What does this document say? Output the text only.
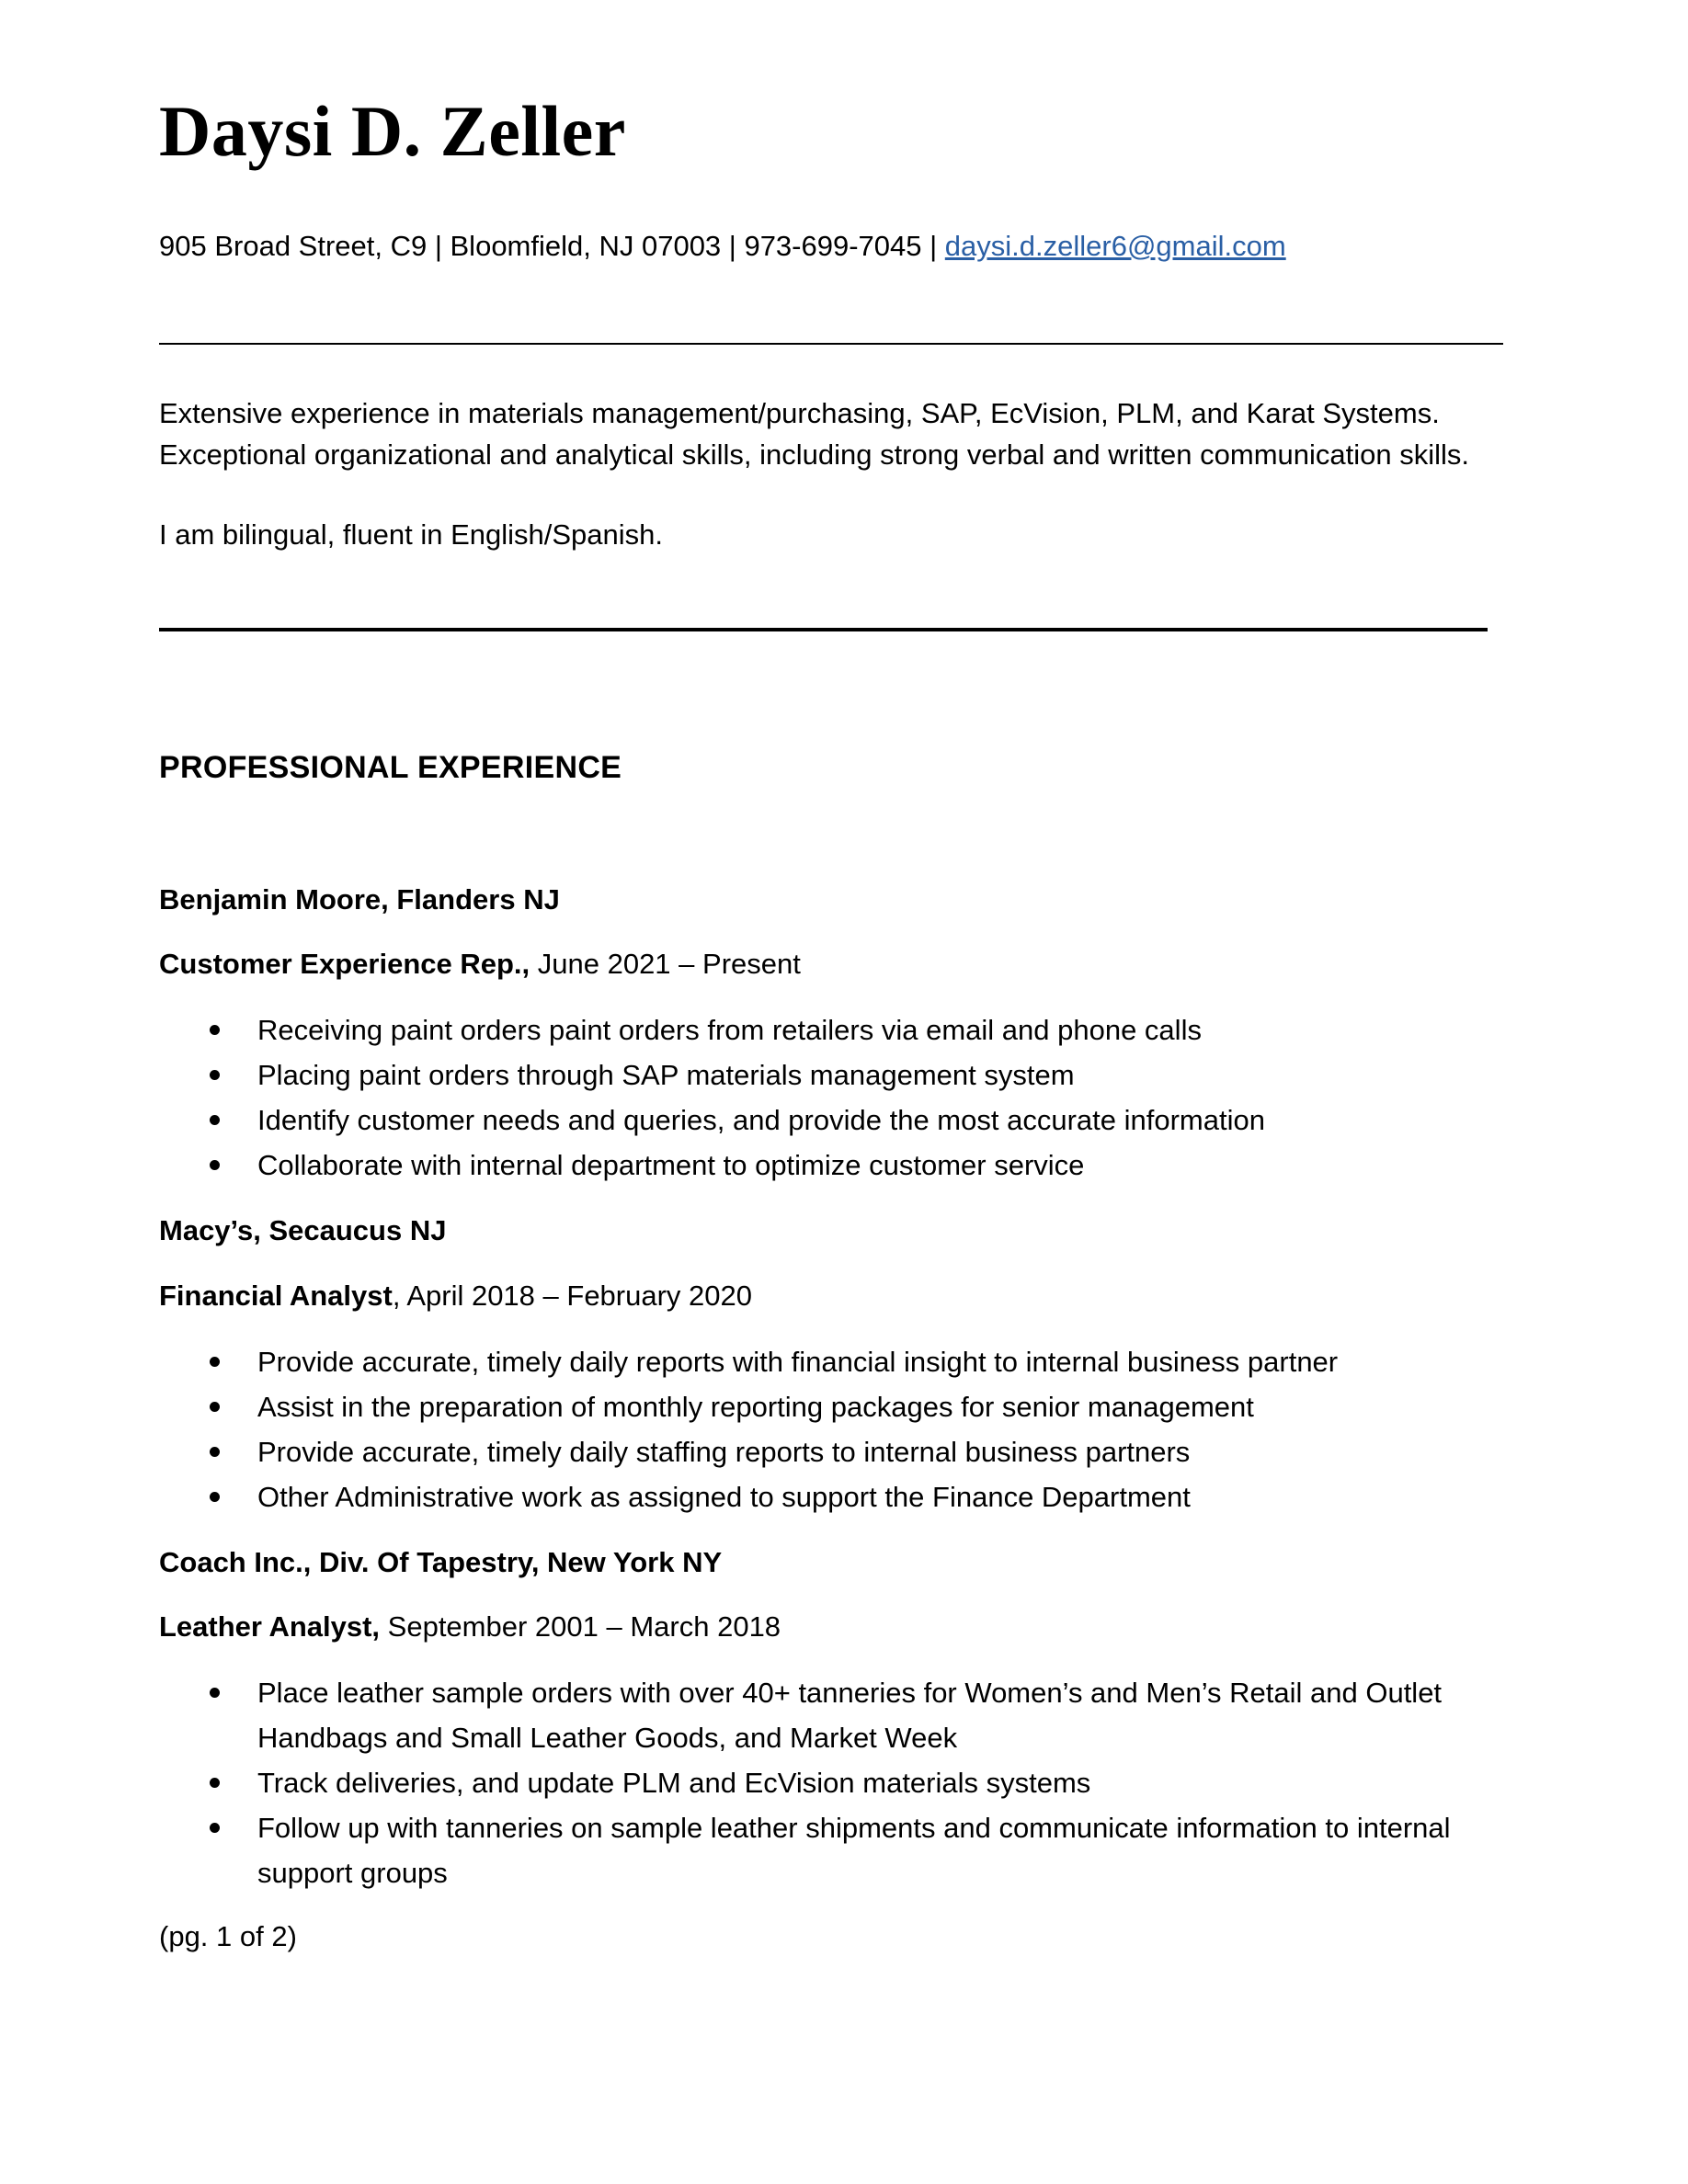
Daysi D. Zeller
905 Broad Street, C9 | Bloomfield, NJ 07003 | 973-699-7045 | daysi.d.zeller6@gmail.com

Extensive experience in materials management/purchasing, SAP, EcVision, PLM, and Karat Systems.

Exceptional organizational and analytical skills, including strong verbal and written communication skills.

I am bilingual, fluent in English/Spanish.
PROFESSIONAL EXPERIENCE
Benjamin Moore, Flanders NJ
Customer Experience Rep., June 2021 – Present
Receiving paint orders paint orders from retailers via email and phone calls
Placing paint orders through SAP materials management system
Identify customer needs and queries, and provide the most accurate information
Collaborate with internal department to optimize customer service
Macy’s, Secaucus NJ
Financial Analyst, April 2018 – February 2020
Provide accurate, timely daily reports with financial insight to internal business partner
Assist in the preparation of monthly reporting packages for senior management
Provide accurate, timely daily staffing reports to internal business partners
Other Administrative work as assigned to support the Finance Department
Coach Inc., Div. Of Tapestry, New York NY
Leather Analyst, September 2001 – March 2018
Place leather sample orders with over 40+ tanneries for Women’s and Men’s Retail and Outlet
Handbags and Small Leather Goods, and Market Week
Track deliveries, and update PLM and EcVision materials systems
Follow up with tanneries on sample leather shipments and communicate information to internal
support groups
(pg. 1 of 2)
